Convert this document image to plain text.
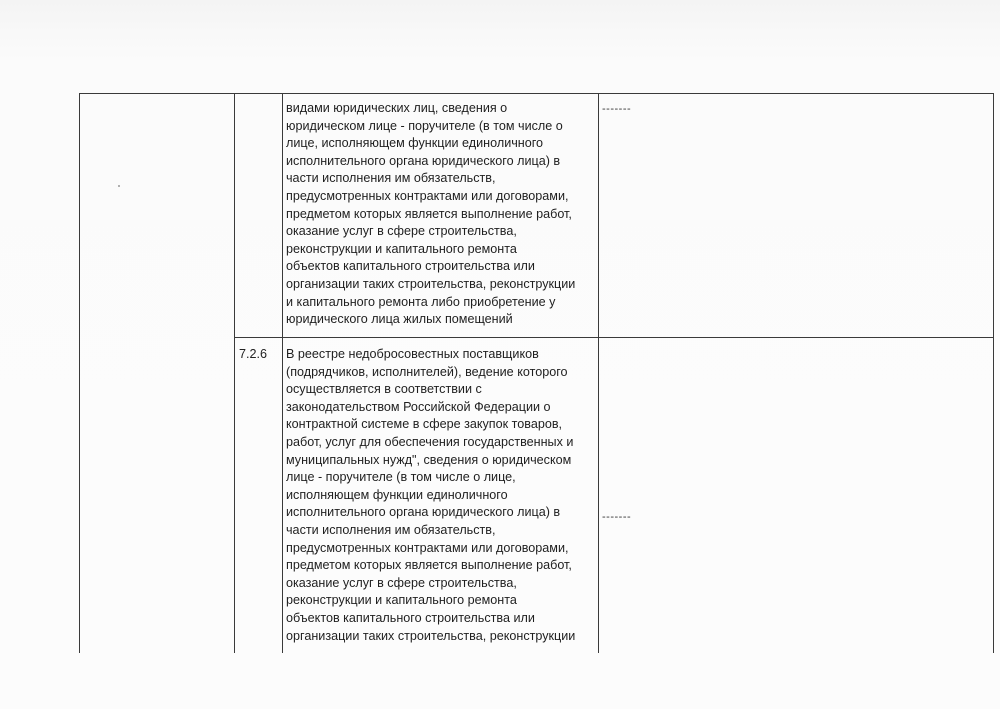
видами юридических лиц, сведения о
юридическом лице - поручителе (в том числе о
лице, исполняющем функции единоличного
исполнительного органа юридического лица) в
части исполнения им обязательств,
предусмотренных контрактами или договорами,
предметом которых является выполнение работ,
оказание услуг в сфере строительства,
реконструкции и капитального ремонта
объектов капитального строительства или
организации таких строительства, реконструкции
и капитального ремонта либо приобретение у
юридического лица жилых помещений
-------
7.2.6 В реестре недобросовестных поставщиков
(подрядчиков, исполнителей), ведение которого
осуществляется в соответствии с
законодательством Российской Федерации о
контрактной системе в сфере закупок товаров,
работ, услуг для обеспечения государственных и
муниципальных нужд", сведения о юридическом
лице - поручителе (в том числе о лице,
исполняющем функции единоличного
исполнительного органа юридического лица) в
части исполнения им обязательств,
предусмотренных контрактами или договорами,
предметом которых является выполнение работ,
оказание услуг в сфере строительства,
реконструкции и капитального ремонта
объектов капитального строительства или
организации таких строительства, реконструкции
-------
